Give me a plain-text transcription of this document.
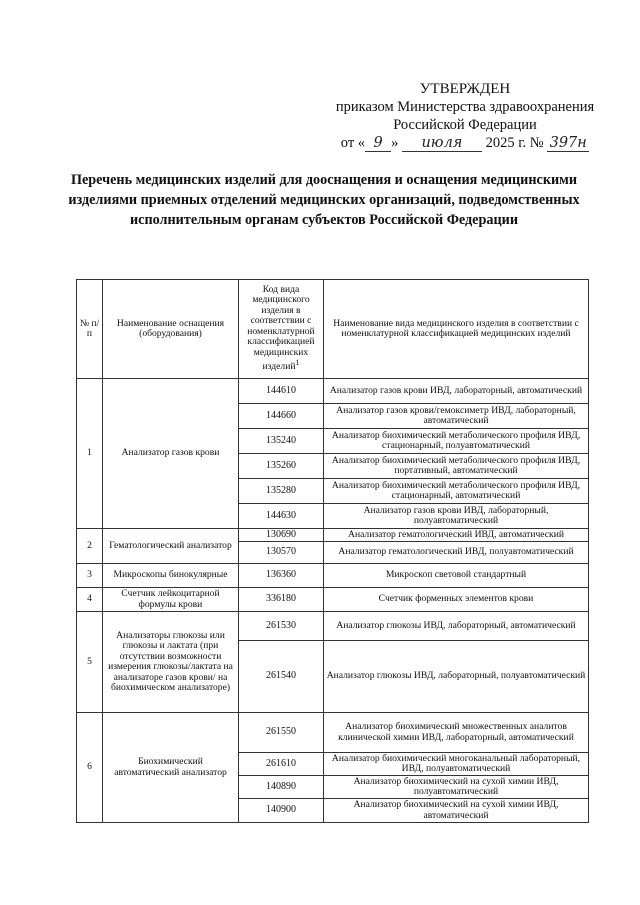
УТВЕРЖДЕН
приказом Министерства здравоохранения
Российской Федерации
от « 9 » июля 2025 г. № 397н
Перечень медицинских изделий для дооснащения и оснащения медицинскими изделиями приемных отделений медицинских организаций, подведомственных исполнительным органам субъектов Российской Федерации
№ п/п	Наименование оснащения (оборудования)	Код вида медицинского изделия в соответствии с номенклатурной классификацией медицинских изделий$^1$	Наименование вида медицинского изделия в соответствии с номенклатурной классификацией медицинских изделий
1	Анализатор газов крови	144610	Анализатор газов крови ИВД, лабораторный, автоматический
		144660	Анализатор газов крови/гемоксиметр ИВД, лабораторный, автоматический
		135240	Анализатор биохимический метаболического профиля ИВД, стационарный, полуавтоматический
		135260	Анализатор биохимический метаболического профиля ИВД, портативный, автоматический
		135280	Анализатор биохимический метаболического профиля ИВД, стационарный, автоматический
		144630	Анализатор газов крови ИВД, лабораторный, полуавтоматический
2	Гематологический анализатор	130690	Анализатор гематологический ИВД, автоматический
		130570	Анализатор гематологический ИВД, полуавтоматический
3	Микроскопы бинокулярные	136360	Микроскоп световой стандартный
4	Счетчик лейкоцитарной формулы крови	336180	Счетчик форменных элементов крови
5	Анализаторы глюкозы или глюкозы и лактата (при отсутствии возможности измерения глюкозы/лактата на анализаторе газов крови/ на биохимическом анализаторе)	261530	Анализатор глюкозы ИВД, лабораторный, автоматический
		261540	Анализатор глюкозы ИВД, лабораторный, полуавтоматический
6	Биохимический автоматический анализатор	261550	Анализатор биохимический множественных аналитов клинической химии ИВД, лабораторный, автоматический
		261610	Анализатор биохимический многоканальный лабораторный, ИВД, полуавтоматический
		140890	Анализатор биохимический на сухой химии ИВД, полуавтоматический
		140900	Анализатор биохимический на сухой химии ИВД, автоматический
